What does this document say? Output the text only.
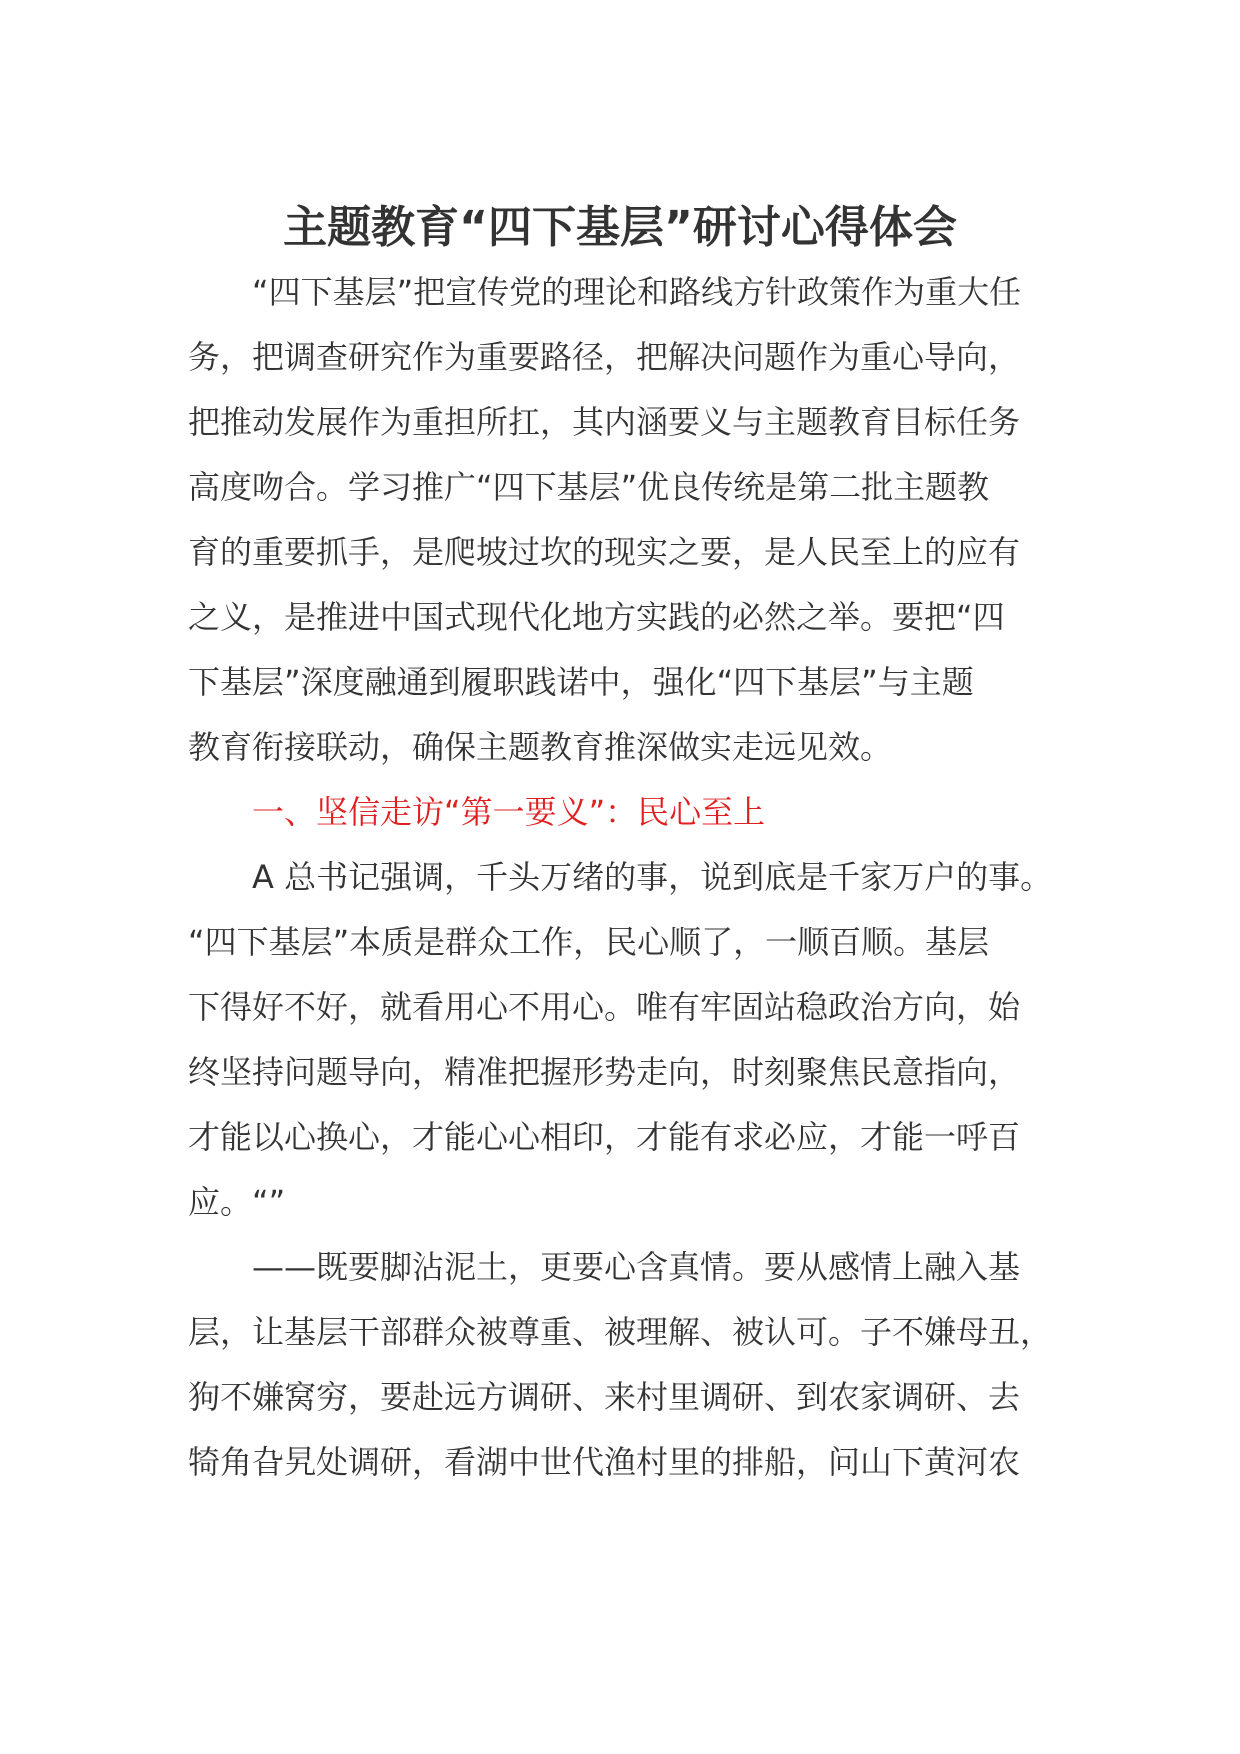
主题教育“四下基层”研讨心得体会
“四下基层”把宣传党的理论和路线方针政策作为重大任
务，把调查研究作为重要路径，把解决问题作为重心导向，
把推动发展作为重担所扛，其内涵要义与主题教育目标任务
高度吻合。学习推广“四下基层”优良传统是第二批主题教
育的重要抓手，是爬坡过坎的现实之要，是人民至上的应有
之义，是推进中国式现代化地方实践的必然之举。要把“四
下基层”深度融通到履职践诺中，强化“四下基层”与主题
教育衔接联动，确保主题教育推深做实走远见效。
一、坚信走访“第一要义”：民心至上
A 总书记强调，千头万绪的事，说到底是千家万户的事。
“四下基层”本质是群众工作，民心顺了，一顺百顺。基层
下得好不好，就看用心不用心。唯有牢固站稳政治方向，始
终坚持问题导向，精准把握形势走向，时刻聚焦民意指向，
才能以心换心，才能心心相印，才能有求必应，才能一呼百
应。“”
——既要脚沾泥土，更要心含真情。要从感情上融入基
层，让基层干部群众被尊重、被理解、被认可。子不嫌母丑，
狗不嫌窝穷，要赴远方调研、来村里调研、到农家调研、去
犄角旮旯处调研，看湖中世代渔村里的排船，问山下黄河农
